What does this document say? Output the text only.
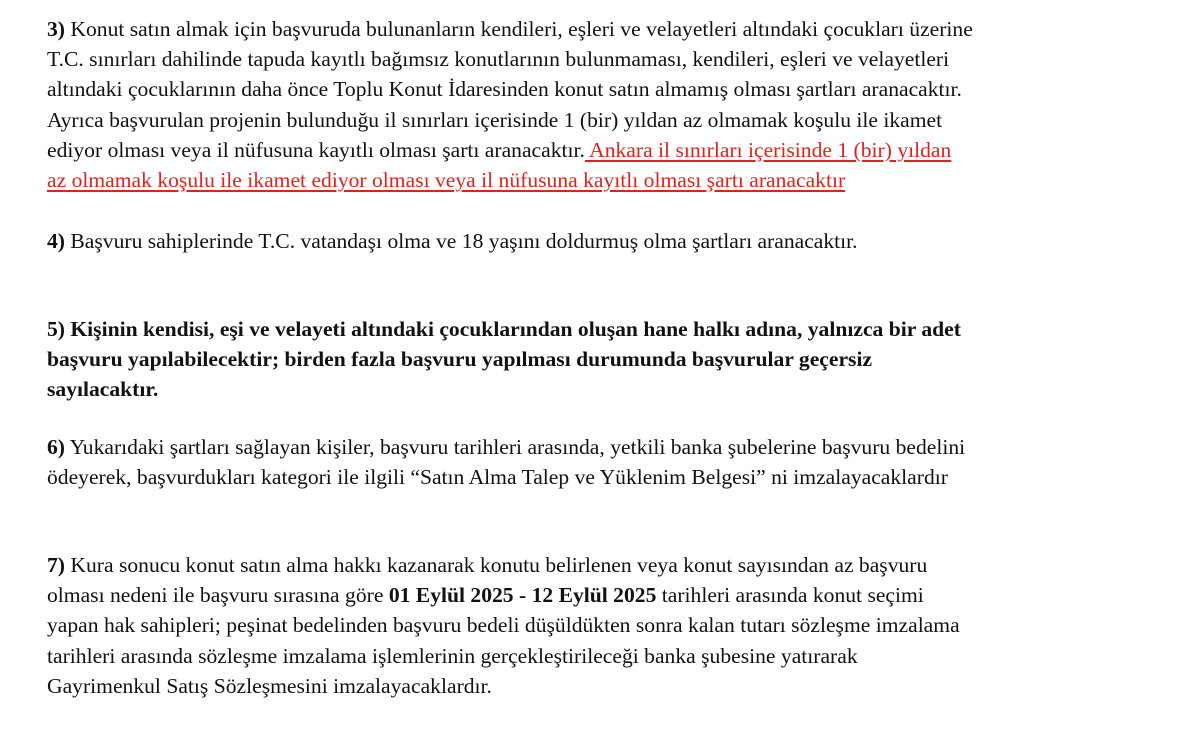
3) Konut satın almak için başvuruda bulunanların kendileri, eşleri ve velayetleri altındaki çocukları üzerine
T.C. sınırları dahilinde tapuda kayıtlı bağımsız konutlarının bulunmaması, kendileri, eşleri ve velayetleri
altındaki çocuklarının daha önce Toplu Konut İdaresinden konut satın almamış olması şartları aranacaktır.
Ayrıca başvurulan projenin bulunduğu il sınırları içerisinde 1 (bir) yıldan az olmamak koşulu ile ikamet
ediyor olması veya il nüfusuna kayıtlı olması şartı aranacaktır. Ankara il sınırları içerisinde 1 (bir) yıldan
az olmamak koşulu ile ikamet ediyor olması veya il nüfusuna kayıtlı olması şartı aranacaktır

4) Başvuru sahiplerinde T.C. vatandaşı olma ve 18 yaşını doldurmuş olma şartları aranacaktır.

5) Kişinin kendisi, eşi ve velayeti altındaki çocuklarından oluşan hane halkı adına, yalnızca bir adet
başvuru yapılabilecektir; birden fazla başvuru yapılması durumunda başvurular geçersiz
sayılacaktır.

6) Yukarıdaki şartları sağlayan kişiler, başvuru tarihleri arasında, yetkili banka şubelerine başvuru bedelini
ödeyerek, başvurdukları kategori ile ilgili “Satın Alma Talep ve Yüklenim Belgesi” ni imzalayacaklardır

7) Kura sonucu konut satın alma hakkı kazanarak konutu belirlenen veya konut sayısından az başvuru
olması nedeni ile başvuru sırasına göre 01 Eylül 2025 - 12 Eylül 2025 tarihleri arasında konut seçimi
yapan hak sahipleri; peşinat bedelinden başvuru bedeli düşüldükten sonra kalan tutarı sözleşme imzalama
tarihleri arasında sözleşme imzalama işlemlerinin gerçekleştirileceği banka şubesine yatırarak
Gayrimenkul Satış Sözleşmesini imzalayacaklardır.
